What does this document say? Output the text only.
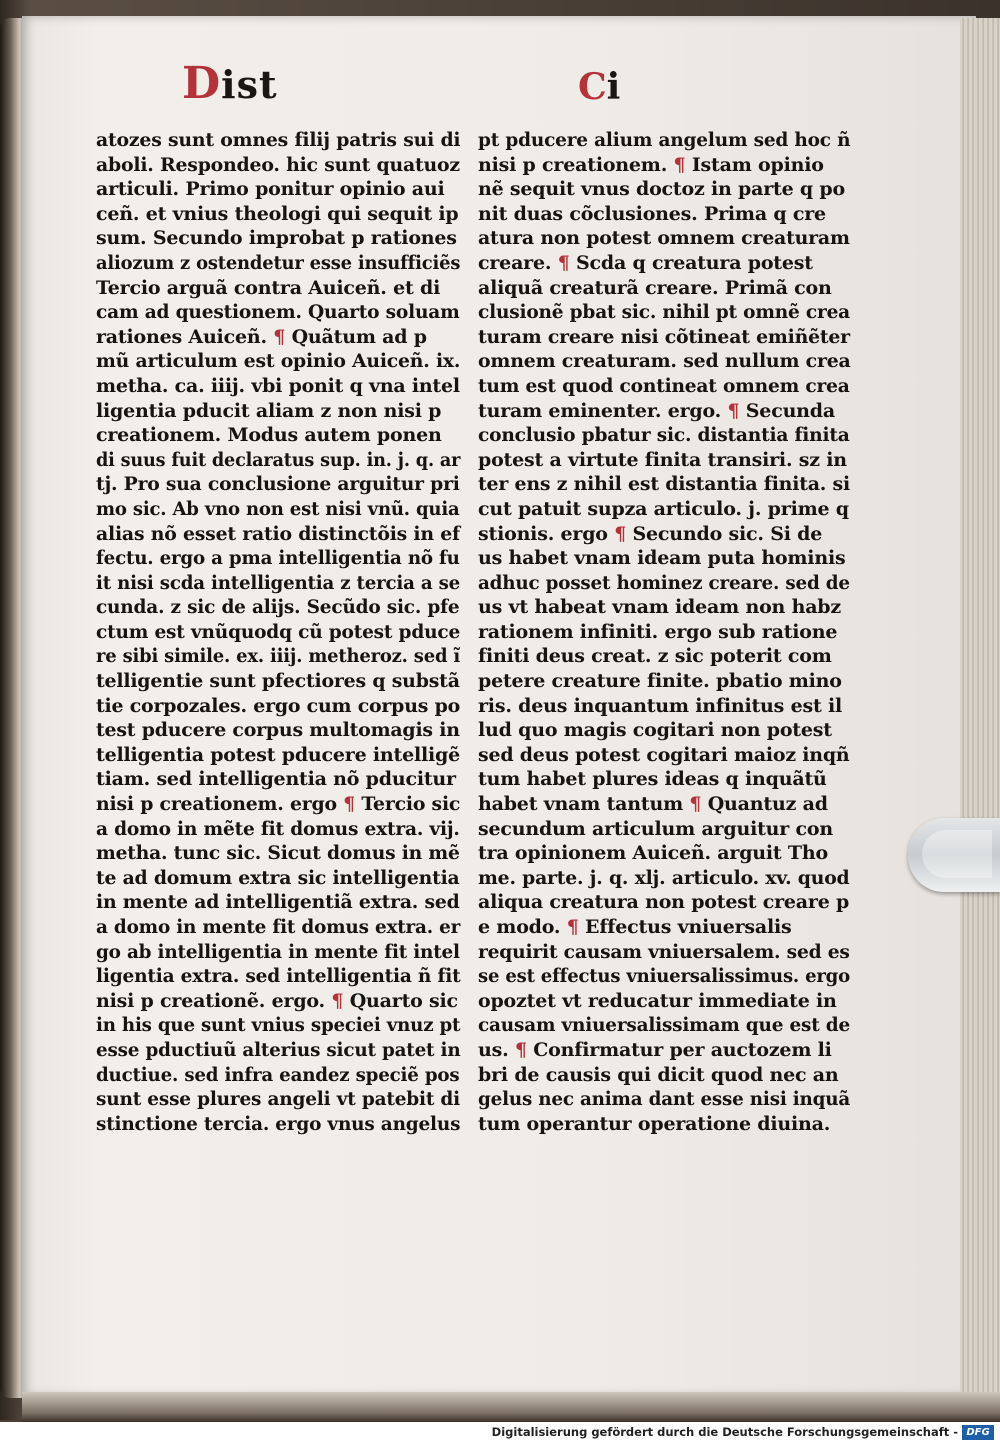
Dist	Ci
atozes sunt omnes filij patris sui di
aboli. Respondeo. hic sunt quatuoz
articuli. Primo ponitur opinio aui
ceñ. et vnius theologi qui sequit ip
sum. Secundo improbat p rationes
aliozum z ostendetur esse insufficiẽs
Tercio arguã contra Auiceñ. et di
cam ad questionem. Quarto soluam
rationes Auiceñ. ¶ Quãtum ad p
mũ articulum est opinio Auiceñ. ix.
metha. ca. iiij. vbi ponit q vna intel
ligentia pducit aliam z non nisi p
creationem. Modus autem ponen
di suus fuit declaratus sup. in. j. q. ar
tj. Pro sua conclusione arguitur pri
mo sic. Ab vno non est nisi vnũ. quia
alias nõ esset ratio distinctõis in ef
fectu. ergo a pma intelligentia nõ fu
it nisi scda intelligentia z tercia a se
cunda. z sic de alijs. Secũdo sic. pfe
ctum est vnũquodq cũ potest pduce
re sibi simile. ex. iiij. metheroz. sed ĩ
telligentie sunt pfectiores q substã
tie corpozales. ergo cum corpus po
test pducere corpus multomagis in
telligentia potest pducere intelligẽ
tiam. sed intelligentia nõ pducitur
nisi p creationem. ergo ¶ Tercio sic
a domo in mẽte fit domus extra. vij.
metha. tunc sic. Sicut domus in mẽ
te ad domum extra sic intelligentia
in mente ad intelligentiã extra. sed
a domo in mente fit domus extra. er
go ab intelligentia in mente fit intel
ligentia extra. sed intelligentia ñ fit
nisi p creationẽ. ergo. ¶ Quarto sic
in his que sunt vnius speciei vnuz pt
esse pductiuũ alterius sicut patet in
ductiue. sed infra eandez speciẽ pos
sunt esse plures angeli vt patebit di
stinctione tercia. ergo vnus angelus
pt pducere alium angelum sed hoc ñ
nisi p creationem. ¶ Istam opinio
nẽ sequit vnus doctoz in parte q po
nit duas cõclusiones. Prima q cre
atura non potest omnem creaturam
creare. ¶ Scda q creatura potest
aliquã creaturã creare. Primã con
clusionẽ pbat sic. nihil pt omnẽ crea
turam creare nisi cõtineat emiñẽter
omnem creaturam. sed nullum crea
tum est quod contineat omnem crea
turam eminenter. ergo. ¶ Secunda
conclusio pbatur sic. distantia finita
potest a virtute finita transiri. sz in
ter ens z nihil est distantia finita. si
cut patuit supza articulo. j. prime q
stionis. ergo ¶ Secundo sic. Si de
us habet vnam ideam puta hominis
adhuc posset hominez creare. sed de
us vt habeat vnam ideam non habz
rationem infiniti. ergo sub ratione
finiti deus creat. z sic poterit com
petere creature finite. pbatio mino
ris. deus inquantum infinitus est il
lud quo magis cogitari non potest
sed deus potest cogitari maioz inqñ
tum habet plures ideas q inquãtũ
habet vnam tantum ¶ Quantuz ad
secundum articulum arguitur con
tra opinionem Auiceñ. arguit Tho
me. parte. j. q. xlj. articulo. xv. quod
aliqua creatura non potest creare p
e modo. ¶ Effectus vniuersalis
requirit causam vniuersalem. sed es
se est effectus vniuersalissimus. ergo
opoztet vt reducatur immediate in
causam vniuersalissimam que est de
us. ¶ Confirmatur per auctozem li
bri de causis qui dicit quod nec an
gelus nec anima dant esse nisi inquã
tum operantur operatione diuina.
Digitalisierung gefördert durch die Deutsche Forschungsgemeinschaft - DFG
